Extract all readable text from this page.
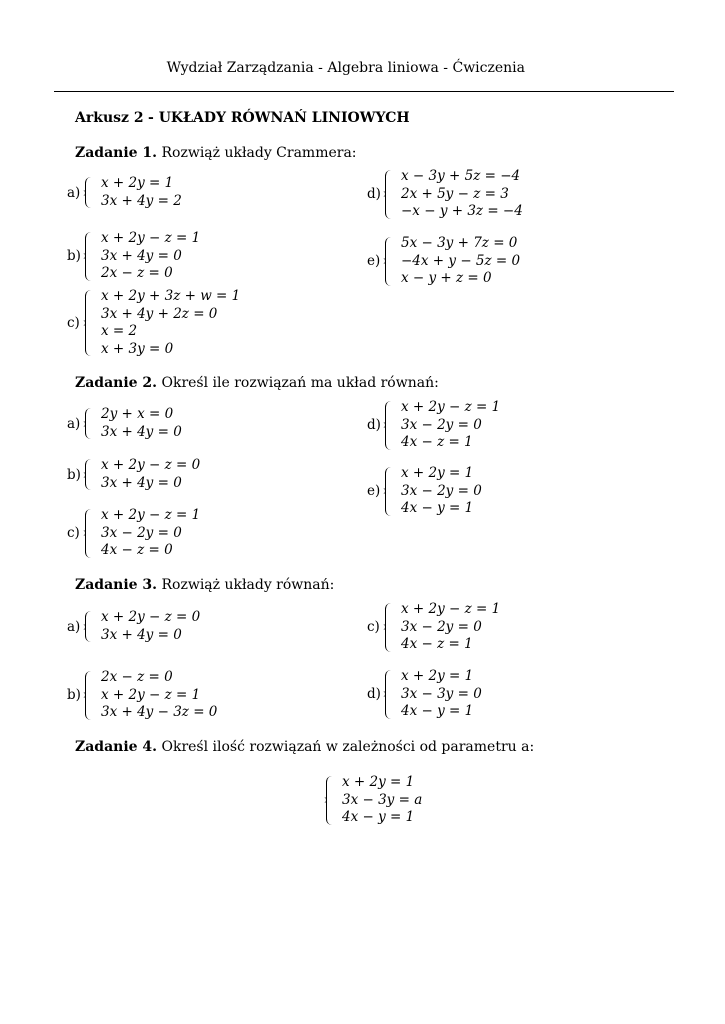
Wydział Zarządzania - Algebra liniowa - Ćwiczenia
Arkusz 2 - UKŁADY RÓWNAŃ LINIOWYCH
Zadanie 1. Rozwiąż układy Crammera:
a)
x + 2y = 1
3x + 4y = 2
b)
x + 2y − z = 1
3x + 4y = 0
2x − z = 0
c)
x + 2y + 3z + w = 1
3x + 4y + 2z = 0
x = 2
x + 3y = 0
d)
x − 3y + 5z = −4
2x + 5y − z = 3
−x − y + 3z = −4
e)
5x − 3y + 7z = 0
−4x + y − 5z = 0
x − y + z = 0
Zadanie 2. Określ ile rozwiązań ma układ równań:
a)
2y + x = 0
3x + 4y = 0
b)
x + 2y − z = 0
3x + 4y = 0
c)
x + 2y − z = 1
3x − 2y = 0
4x − z = 0
d)
x + 2y − z = 1
3x − 2y = 0
4x − z = 1
e)
x + 2y = 1
3x − 2y = 0
4x − y = 1
Zadanie 3. Rozwiąż układy równań:
a)
x + 2y − z = 0
3x + 4y = 0
b)
2x − z = 0
x + 2y − z = 1
3x + 4y − 3z = 0
c)
x + 2y − z = 1
3x − 2y = 0
4x − z = 1
d)
x + 2y = 1
3x − 3y = 0
4x − y = 1
Zadanie 4. Określ ilość rozwiązań w zależności od parametru a:
x + 2y = 1
3x − 3y = a
4x − y = 1
